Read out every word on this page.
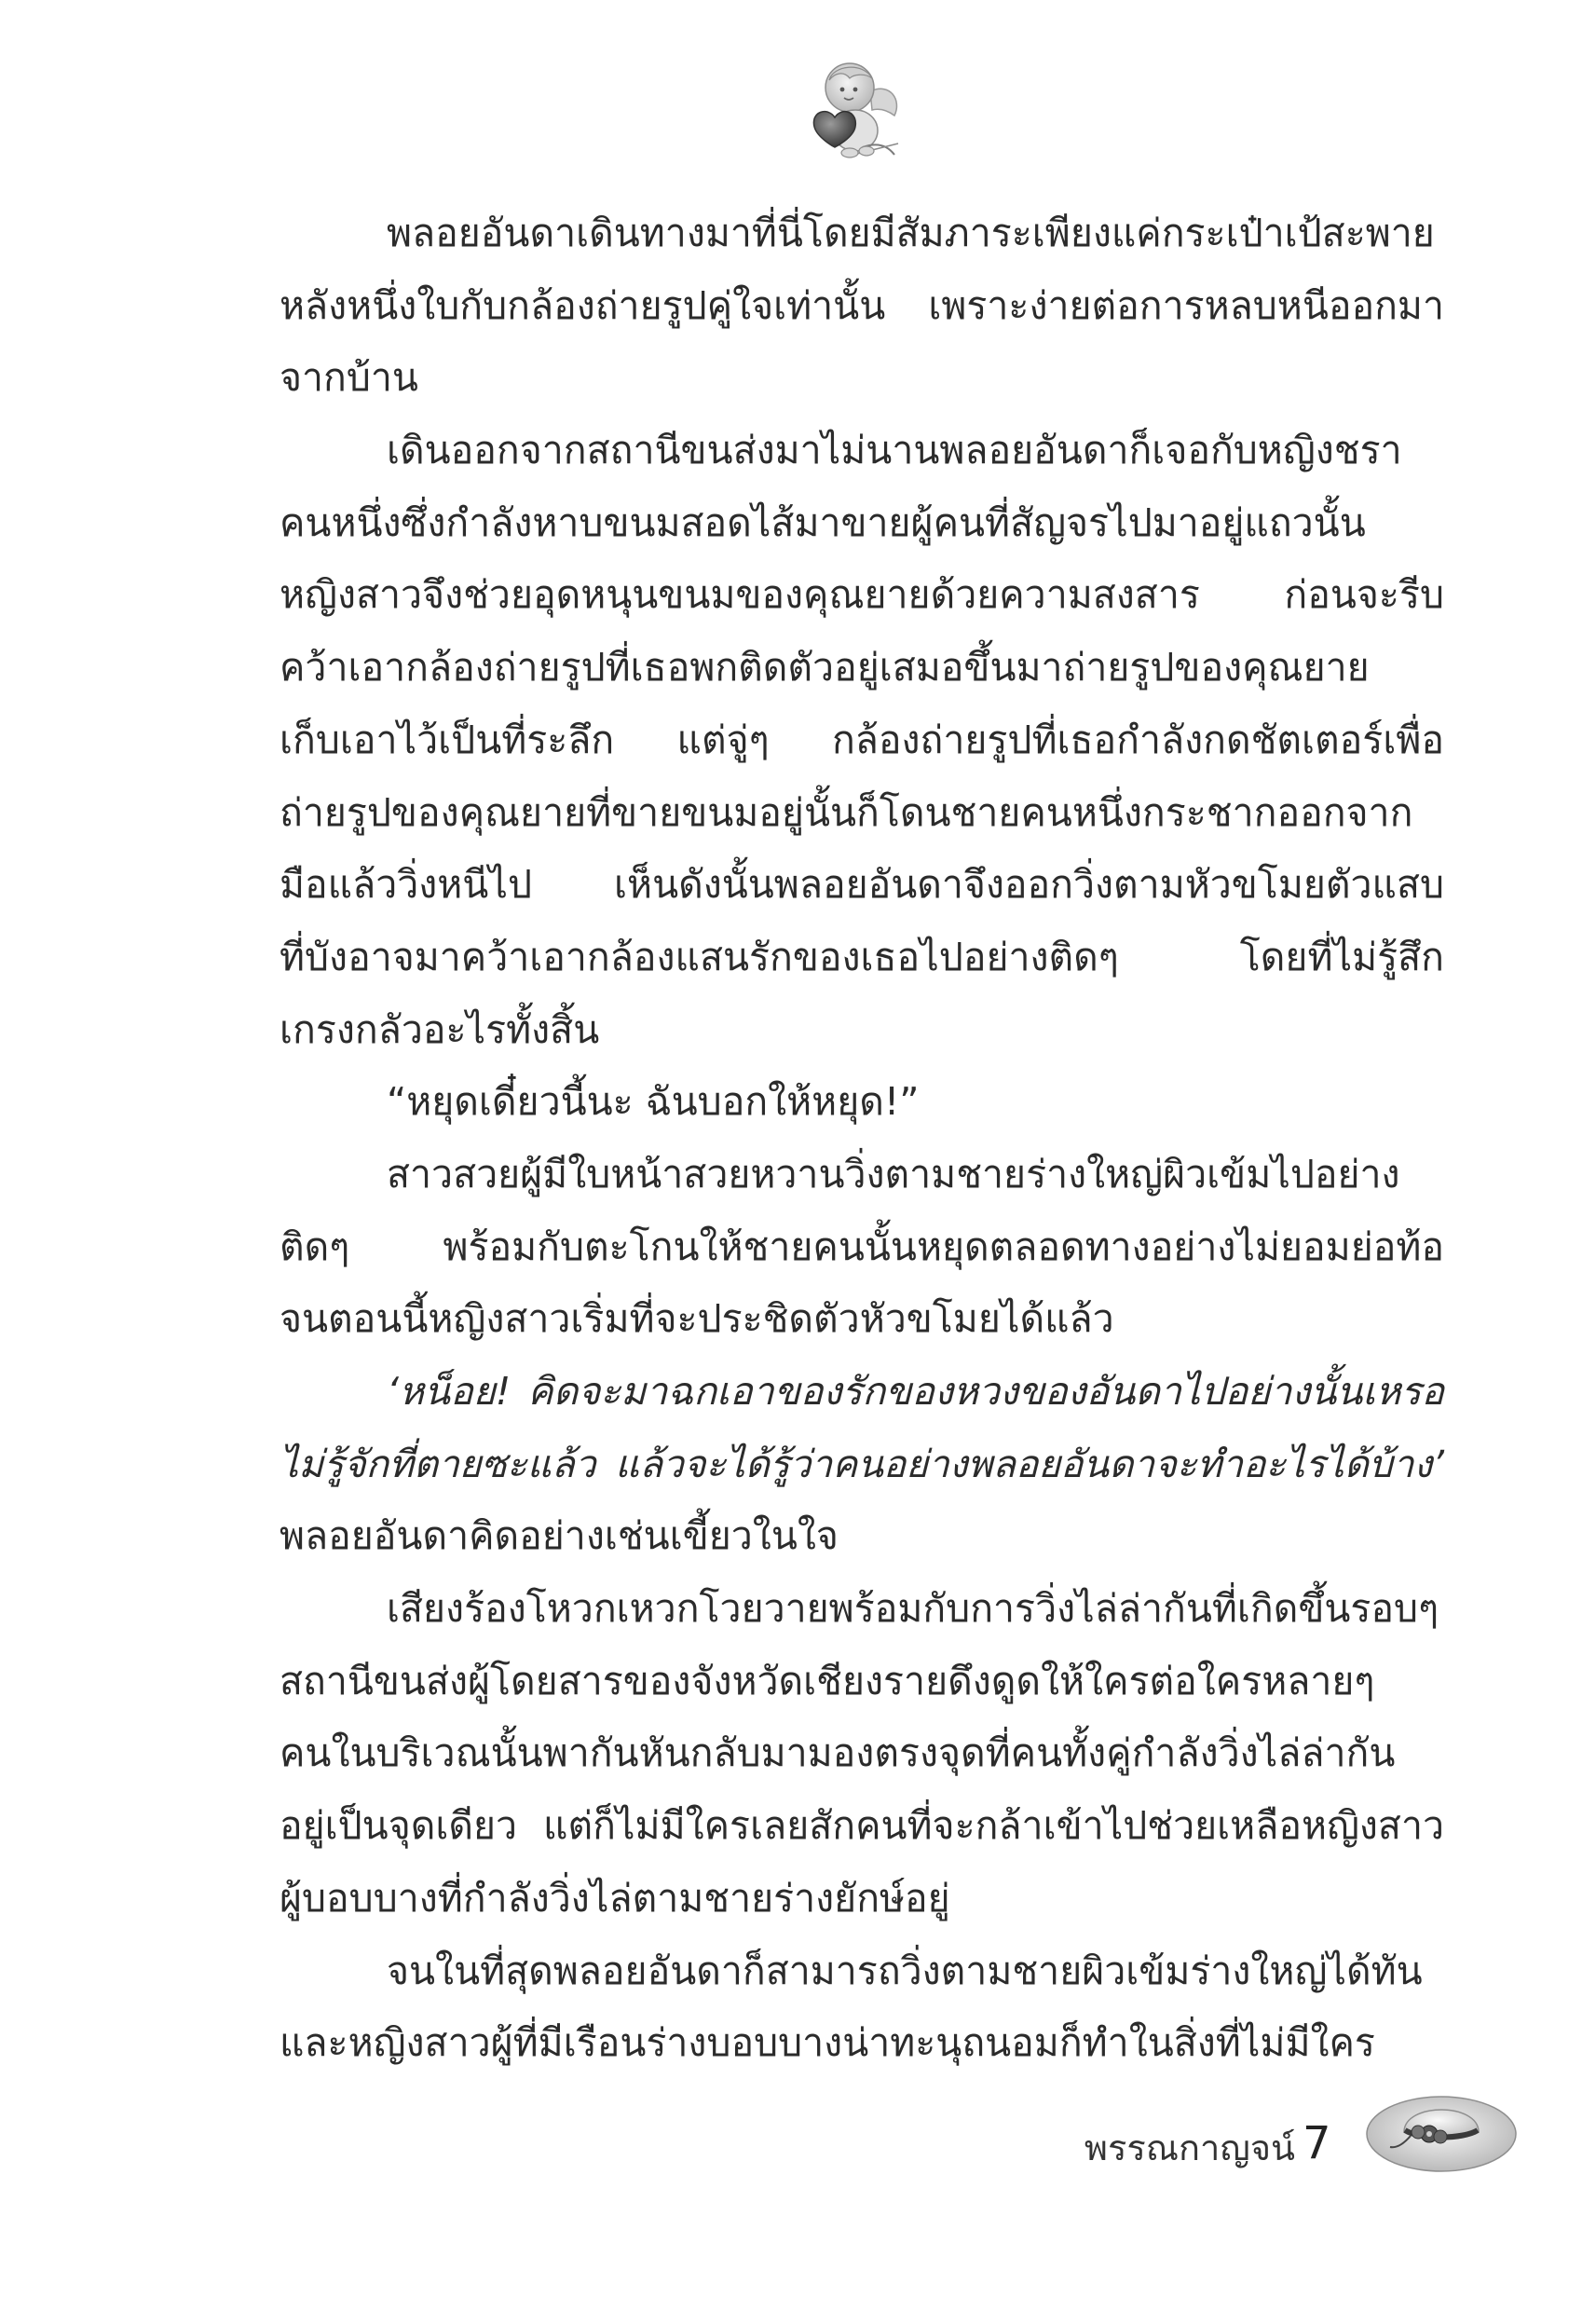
พลอยอันดาเดินทางมาที่นี่โดยมีสัมภาระเพียงแค่กระเป๋าเป้สะพาย
หลังหนึ่งใบกับกล้องถ่ายรูปคู่ใจเท่านั้น เพราะง่ายต่อการหลบหนีออกมา
จากบ้าน
เดินออกจากสถานีขนส่งมาไม่นานพลอยอันดาก็เจอกับหญิงชรา
คนหนึ่งซึ่งกำลังหาบขนมสอดไส้มาขายผู้คนที่สัญจรไปมาอยู่แถวนั้น
หญิงสาวจึงช่วยอุดหนุนขนมของคุณยายด้วยความสงสาร ก่อนจะรีบ
คว้าเอากล้องถ่ายรูปที่เธอพกติดตัวอยู่เสมอขึ้นมาถ่ายรูปของคุณยาย
เก็บเอาไว้เป็นที่ระลึก แต่จู่ๆ กล้องถ่ายรูปที่เธอกำลังกดชัตเตอร์เพื่อ
ถ่ายรูปของคุณยายที่ขายขนมอยู่นั้นก็โดนชายคนหนึ่งกระชากออกจาก
มือแล้ววิ่งหนีไป เห็นดังนั้นพลอยอันดาจึงออกวิ่งตามหัวขโมยตัวแสบ
ที่บังอาจมาคว้าเอากล้องแสนรักของเธอไปอย่างติดๆ โดยที่ไม่รู้สึก
เกรงกลัวอะไรทั้งสิ้น
“หยุดเดี๋ยวนี้นะ ฉันบอกให้หยุด!”
สาวสวยผู้มีใบหน้าสวยหวานวิ่งตามชายร่างใหญ่ผิวเข้มไปอย่าง
ติดๆ พร้อมกับตะโกนให้ชายคนนั้นหยุดตลอดทางอย่างไม่ยอมย่อท้อ
จนตอนนี้หญิงสาวเริ่มที่จะประชิดตัวหัวขโมยได้แล้ว
‘หน็อย! คิดจะมาฉกเอาของรักของหวงของอันดาไปอย่างนั้นเหรอ
ไม่รู้จักที่ตายซะแล้ว แล้วจะได้รู้ว่าคนอย่างพลอยอันดาจะทำอะไรได้บ้าง’
พลอยอันดาคิดอย่างเช่นเขี้ยวในใจ
เสียงร้องโหวกเหวกโวยวายพร้อมกับการวิ่งไล่ล่ากันที่เกิดขึ้นรอบๆ
สถานีขนส่งผู้โดยสารของจังหวัดเชียงรายดึงดูดให้ใครต่อใครหลายๆ
คนในบริเวณนั้นพากันหันกลับมามองตรงจุดที่คนทั้งคู่กำลังวิ่งไล่ล่ากัน
อยู่เป็นจุดเดียว แต่ก็ไม่มีใครเลยสักคนที่จะกล้าเข้าไปช่วยเหลือหญิงสาว
ผู้บอบบางที่กำลังวิ่งไล่ตามชายร่างยักษ์อยู่
จนในที่สุดพลอยอันดาก็สามารถวิ่งตามชายผิวเข้มร่างใหญ่ได้ทัน
และหญิงสาวผู้ที่มีเรือนร่างบอบบางน่าทะนุถนอมก็ทำในสิ่งที่ไม่มีใคร
พรรณกาญจน์ 7
